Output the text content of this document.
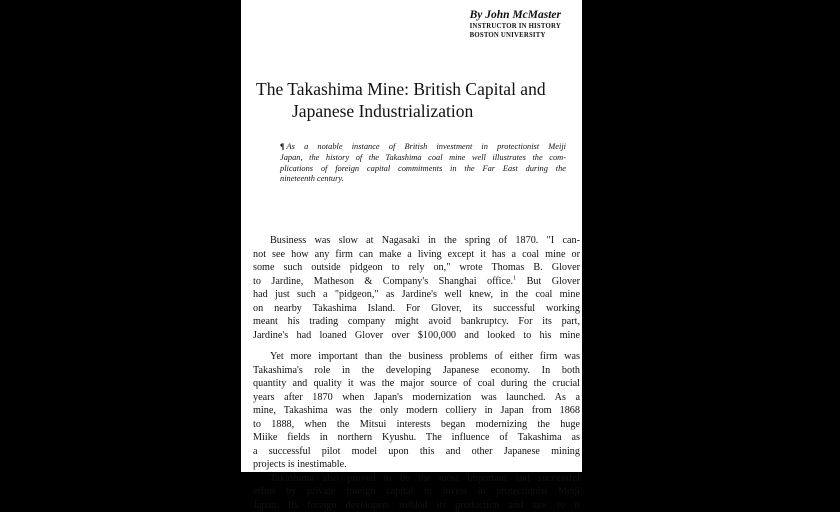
By John McMaster
INSTRUCTOR IN HISTORY
BOSTON UNIVERSITY
The Takashima Mine: British Capital and
Japanese Industrialization
¶ As a notable instance of British investment in protectionist Meiji
Japan, the history of the Takashima coal mine well illustrates the com-
plications of foreign capital commitments in the Far East during the
nineteenth century.
Business was slow at Nagasaki in the spring of 1870. "I can-
not see how any firm can make a living except it has a coal mine or
some such outside pidgeon to rely on," wrote Thomas B. Glover
to Jardine, Matheson & Company's Shanghai office.$^1$ But Glover
had just such a "pidgeon," as Jardine's well knew, in the coal mine
on nearby Takashima Island. For Glover, its successful working
meant his trading company might avoid bankruptcy. For its part,
Jardine's had loaned Glover over $100,000 and looked to his mine
Yet more important than the business problems of either firm was
Takashima's role in the developing Japanese economy. In both
quantity and quality it was the major source of coal during the crucial
years after 1870 when Japan's modernization was launched. As a
mine, Takashima was the only modern colliery in Japan from 1868
to 1888, when the Mitsui interests began modernizing the huge
Miike fields in northern Kyushu. The influence of Takashima as
a successful pilot model upon this and other Japanese mining
projects is inestimable.
Takashima also proved to be the most important and successful
effort by private foreign capital to invest in protectionist Meiji
Japan. Its foreign developers trebled its production and saw to it
